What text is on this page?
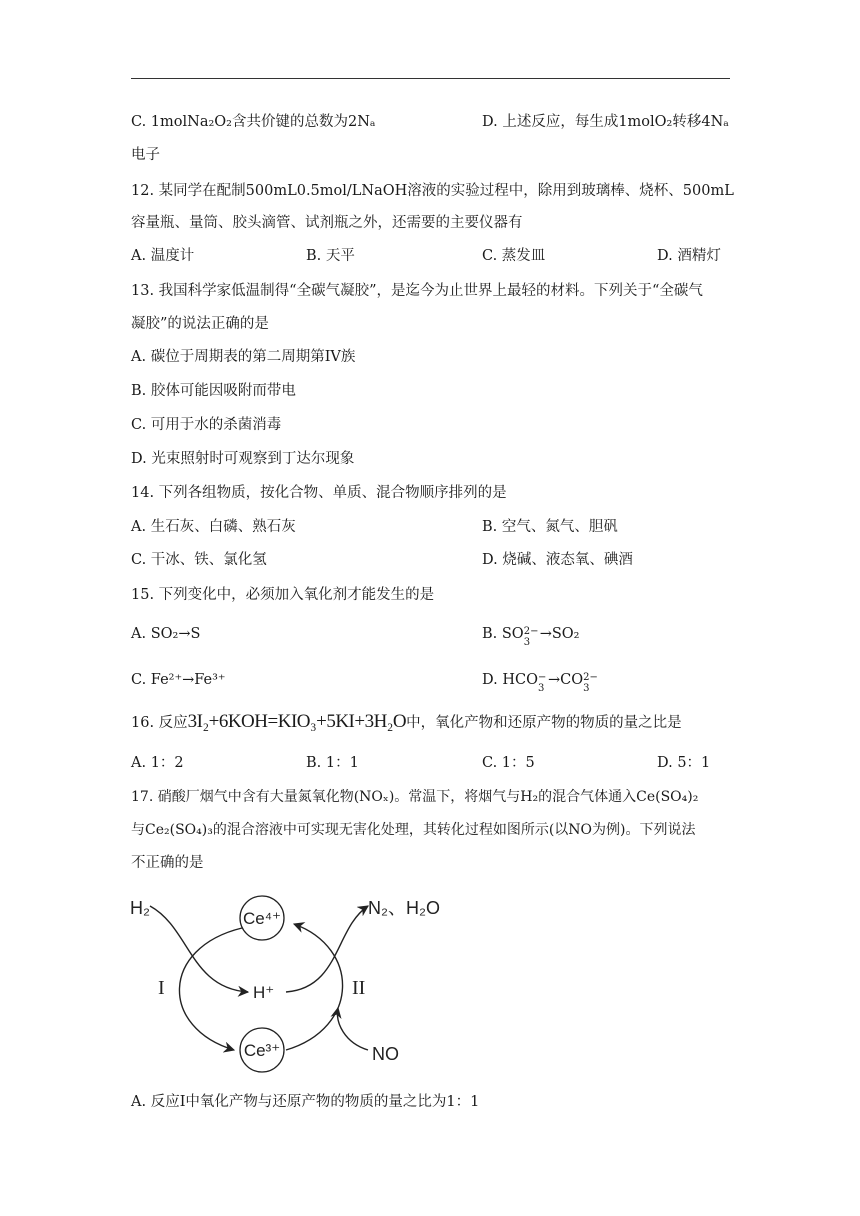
C. 1molNa₂O₂含共价键的总数为2Nₐ	D. 上述反应，每生成1molO₂转移4Nₐ
电子
12. 某同学在配制500mL0.5mol/LNaOH溶液的实验过程中，除用到玻璃棒、烧杯、500mL
容量瓶、量筒、胶头滴管、试剂瓶之外，还需要的主要仪器有
A. 温度计	B. 天平	C. 蒸发皿	D. 酒精灯
13. 我国科学家低温制得“全碳气凝胶”，是迄今为止世界上最轻的材料。下列关于“全碳气
凝胶”的说法正确的是
A. 碳位于周期表的第二周期第IV族
B. 胶体可能因吸附而带电
C. 可用于水的杀菌消毒
D. 光束照射时可观察到丁达尔现象
14. 下列各组物质，按化合物、单质、混合物顺序排列的是
A. 生石灰、白磷、熟石灰	B. 空气、氮气、胆矾
C. 干冰、铁、氯化氢	D. 烧碱、液态氧、碘酒
15. 下列变化中，必须加入氧化剂才能发生的是
A. SO₂→S	B. SO 2−
3
→SO₂
C. Fe²⁺→Fe³⁺	D. HCO −
3
→CO 2−
3
16. 反应3I₂+6KOH=KIO₃+5KI+3H₂O中，氧化产物和还原产物的物质的量之比是
A. 1：2	B. 1：1	C. 1：5	D. 5：1
17. 硝酸厂烟气中含有大量氮氧化物(NOₓ)。常温下，将烟气与H₂的混合气体通入Ce(SO₄)₂
与Ce₂(SO₄)₃的混合溶液中可实现无害化处理，其转化过程如图所示(以NO为例)。下列说法
不正确的是
Ce⁴⁺
Ce³⁺
H₂
H⁺
N₂、H₂O
NO
I	II
A. 反应I中氧化产物与还原产物的物质的量之比为1：1
